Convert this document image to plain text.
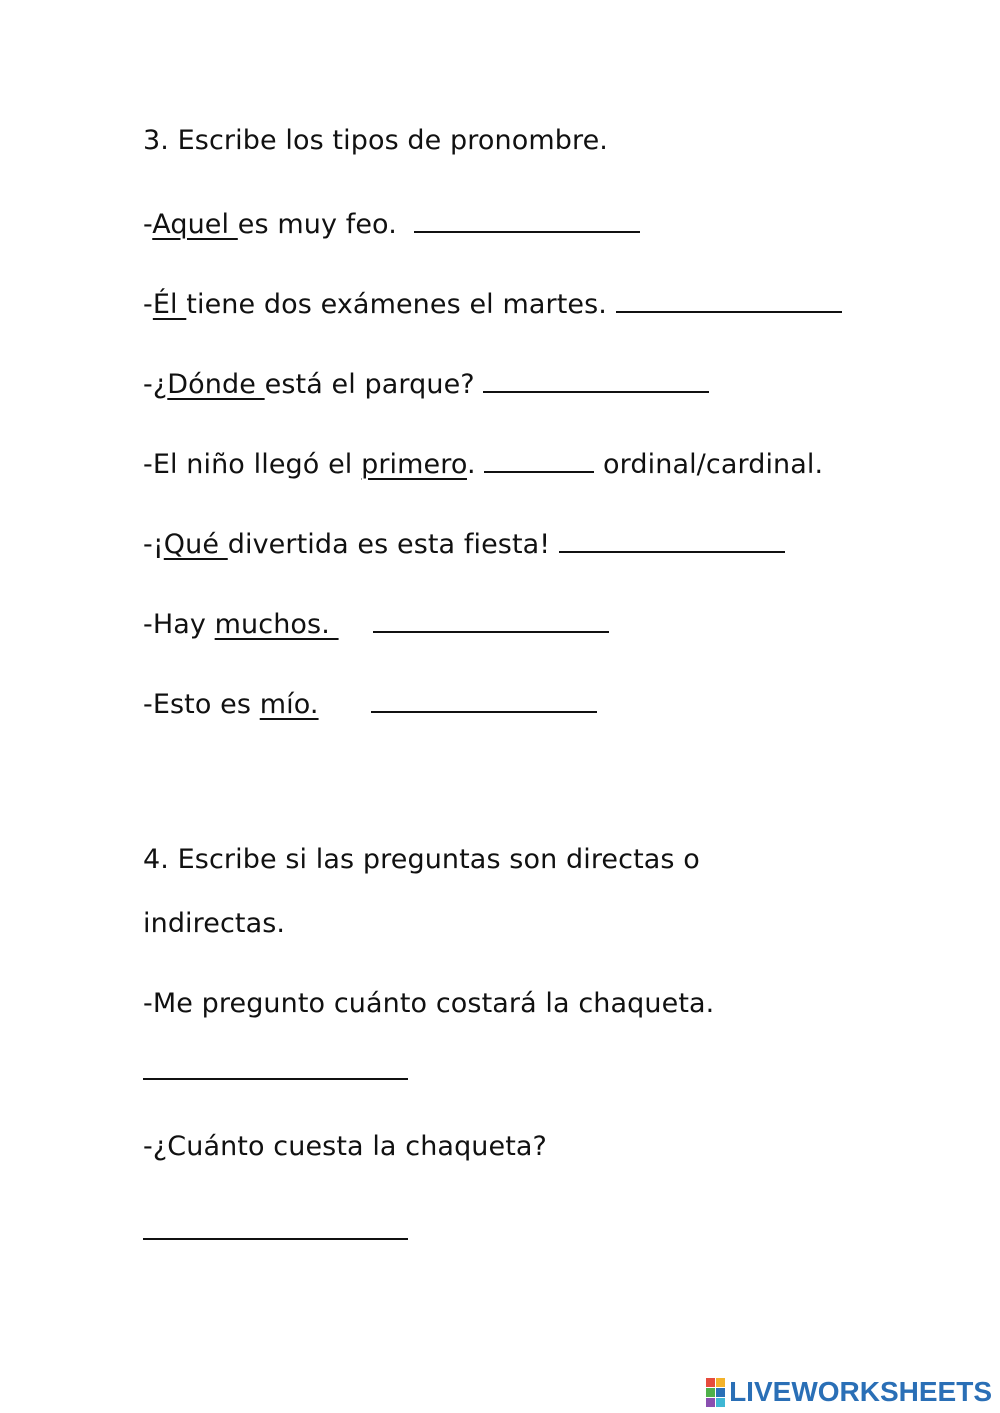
3. Escribe los tipos de pronombre.
-Aquel es muy feo.
-Él tiene dos exámenes el martes.
-¿Dónde está el parque?
-El niño llegó el primero.	ordinal/cardinal.
-¡Qué divertida es esta fiesta!
-Hay muchos.
-Esto es mío.
4. Escribe si las preguntas son directas o
indirectas.
-Me pregunto cuánto costará la chaqueta.
-¿Cuánto cuesta la chaqueta?
LIVEWORKSHEETS
